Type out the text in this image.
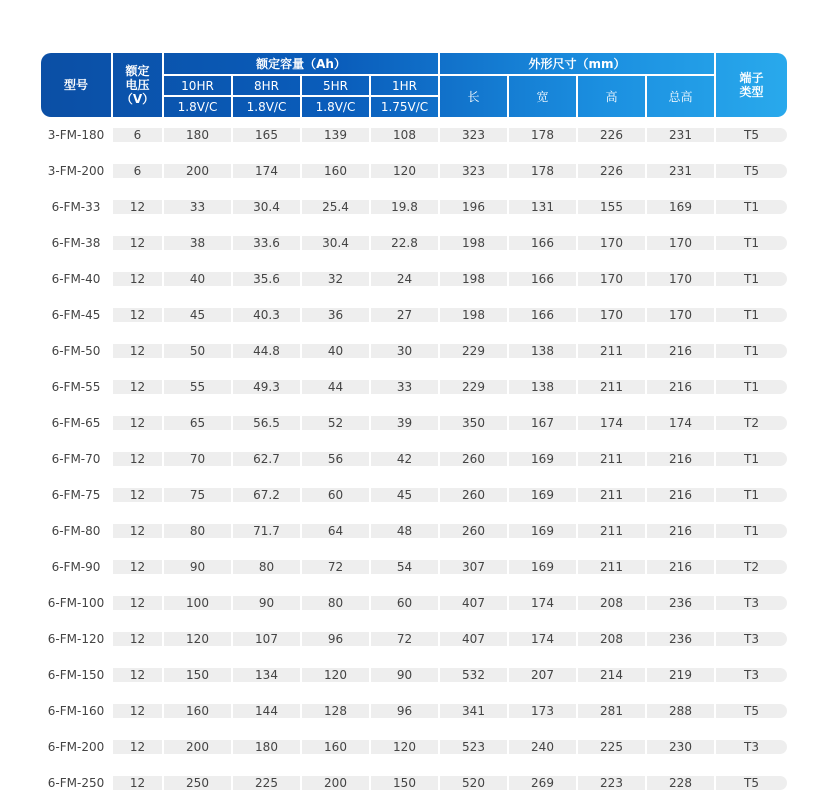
型号
额定
电压
（V）
额定容量（Ah）
10HR	8HR	5HR	1HR
1.8V/C	1.8V/C	1.8V/C	1.75V/C
外形尺寸（mm）
长	宽	高	总高
端子
类型
3-FM-180	6	180	165	139	108	323	178	226	231	T5
3-FM-200	6	200	174	160	120	323	178	226	231	T5
6-FM-33	12	33	30.4	25.4	19.8	196	131	155	169	T1
6-FM-38	12	38	33.6	30.4	22.8	198	166	170	170	T1
6-FM-40	12	40	35.6	32	24	198	166	170	170	T1
6-FM-45	12	45	40.3	36	27	198	166	170	170	T1
6-FM-50	12	50	44.8	40	30	229	138	211	216	T1
6-FM-55	12	55	49.3	44	33	229	138	211	216	T1
6-FM-65	12	65	56.5	52	39	350	167	174	174	T2
6-FM-70	12	70	62.7	56	42	260	169	211	216	T1
6-FM-75	12	75	67.2	60	45	260	169	211	216	T1
6-FM-80	12	80	71.7	64	48	260	169	211	216	T1
6-FM-90	12	90	80	72	54	307	169	211	216	T2
6-FM-100	12	100	90	80	60	407	174	208	236	T3
6-FM-120	12	120	107	96	72	407	174	208	236	T3
6-FM-150	12	150	134	120	90	532	207	214	219	T3
6-FM-160	12	160	144	128	96	341	173	281	288	T5
6-FM-200	12	200	180	160	120	523	240	225	230	T3
6-FM-250	12	250	225	200	150	520	269	223	228	T5
